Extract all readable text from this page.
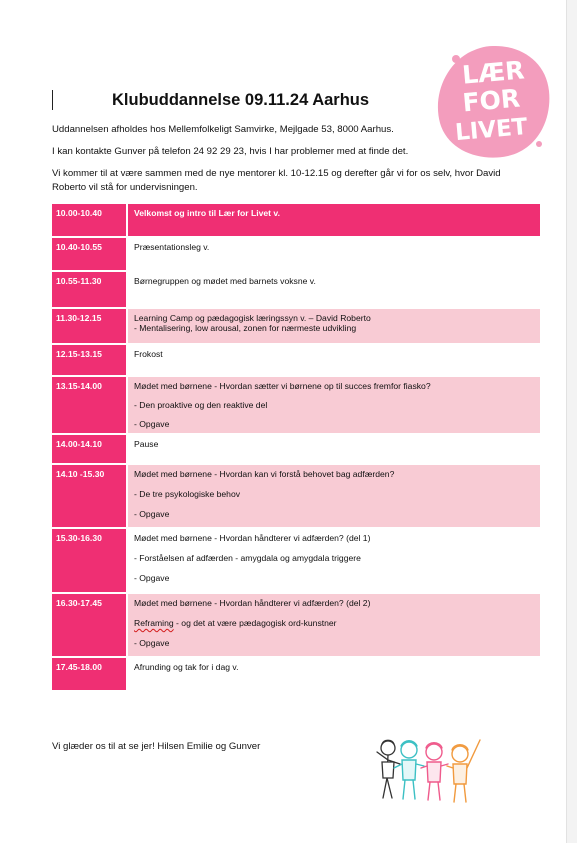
Klubuddannelse 09.11.24 Aarhus
LÆR
FOR
LIVET
Uddannelsen afholdes hos Mellemfolkeligt Samvirke, Mejlgade 53, 8000 Aarhus.
I kan kontakte Gunver på telefon 24 92 29 23, hvis I har problemer med at finde det.
Vi kommer til at være sammen med de nye mentorer kl. 10-12.15 og derefter går vi for os selv, hvor David Roberto vil stå for undervisningen.
10.00-10.40	Velkomst og intro til Lær for Livet v.
10.40-10.55	Præsentationsleg v.
10.55-11.30	Børnegruppen og mødet med barnets voksne v.
11.30-12.15	Learning Camp og pædagogisk læringssyn v. – David Roberto
- Mentalisering, low arousal, zonen for nærmeste udvikling
12.15-13.15	Frokost
13.15-14.00	Mødet med børnene - Hvordan sætter vi børnene op til succes fremfor fiasko?
- Den proaktive og den reaktive del
- Opgave
14.00-14.10	Pause
14.10 -15.30	Mødet med børnene - Hvordan kan vi forstå behovet bag adfærden?
- De tre psykologiske behov
- Opgave
15.30-16.30	Mødet med børnene - Hvordan håndterer vi adfærden? (del 1)
- Forståelsen af adfærden - amygdala og amygdala triggere
- Opgave
16.30-17.45	Mødet med børnene - Hvordan håndterer vi adfærden? (del 2)
Reframing - og det at være pædagogisk ord-kunstner
- Opgave
17.45-18.00	Afrunding og tak for i dag v.
Vi glæder os til at se jer! Hilsen Emilie og Gunver
